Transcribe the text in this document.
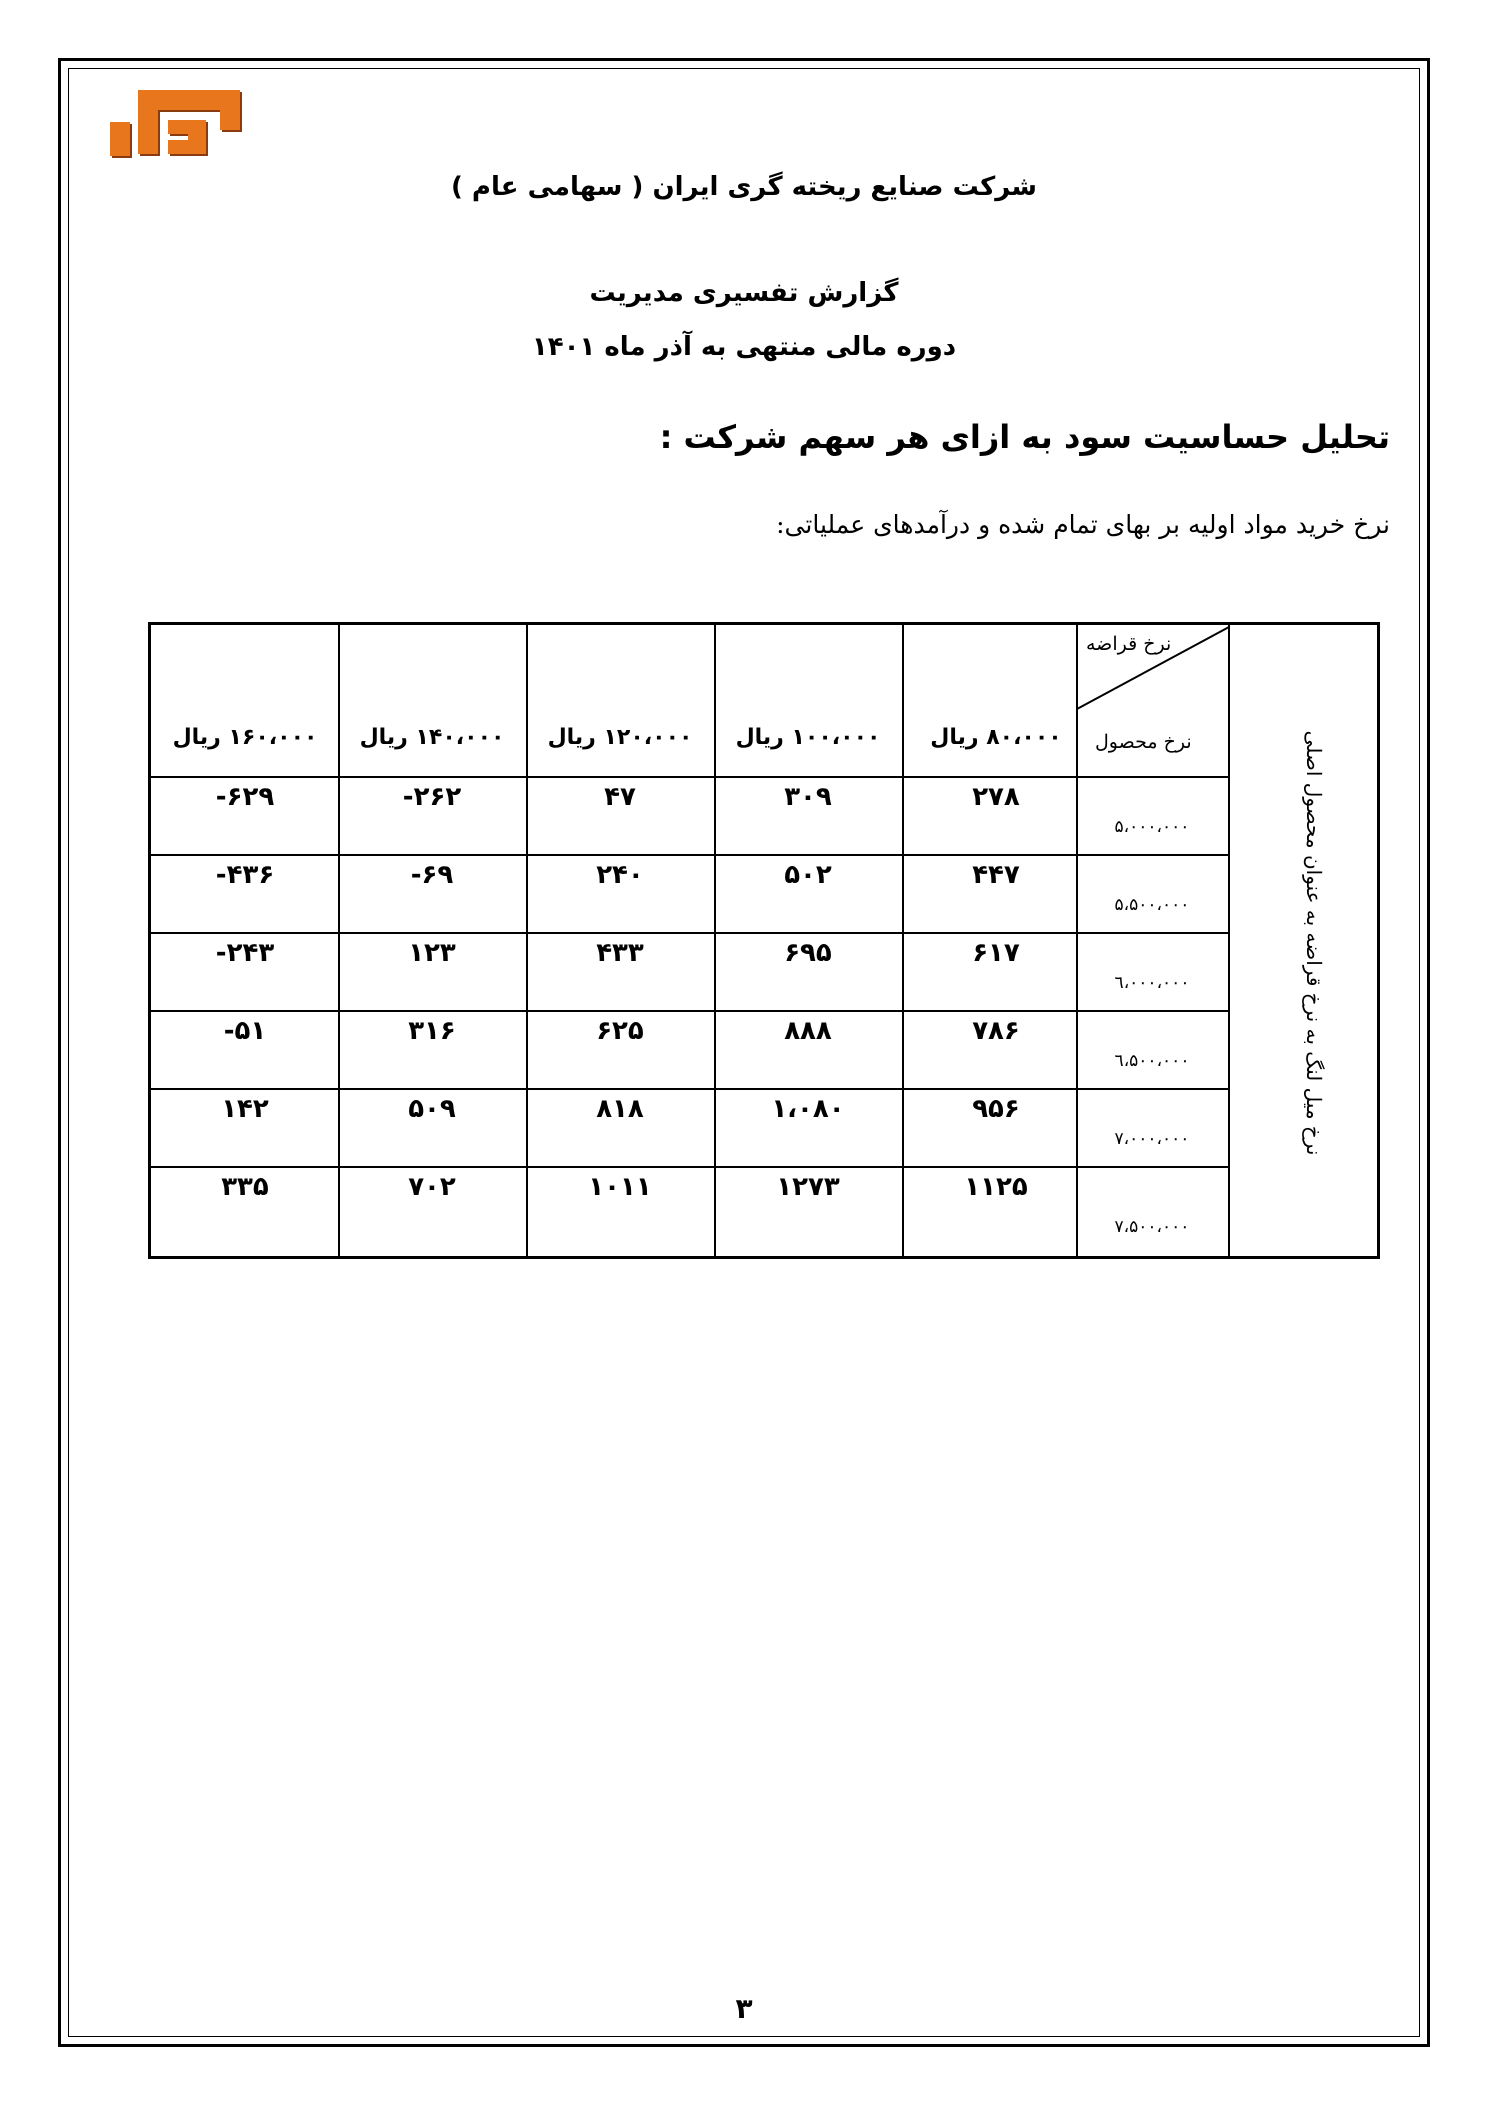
شرکت صنایع ریخته گری ایران ( سهامی عام )
گزارش تفسیری مدیریت
دوره مالی منتهی به آذر ماه ۱۴۰۱
تحلیل حساسیت سود به ازای هر سهم شرکت :
نرخ خرید مواد اولیه بر بهای تمام شده و درآمدهای عملیاتی:
نرخ قراضه
نرخ محصول
۸۰،۰۰۰ ریال
۱۰۰،۰۰۰ ریال
۱۲۰،۰۰۰ ریال
۱۴۰،۰۰۰ ریال
۱۶۰،۰۰۰ ریال
۵،۰۰۰،۰۰۰
۲۷۸
۳۰۹
۴۷
-۲۶۲
-۶۲۹
۵،۵۰۰،۰۰۰
۴۴۷
۵۰۲
۲۴۰
-۶۹
-۴۳۶
٦،۰۰۰،۰۰۰
۶۱۷
۶۹۵
۴۳۳
۱۲۳
-۲۴۳
٦،۵۰۰،۰۰۰
۷۸۶
۸۸۸
۶۲۵
۳۱۶
-۵۱
۷،۰۰۰،۰۰۰
۹۵۶
۱،۰۸۰
۸۱۸
۵۰۹
۱۴۲
۷،۵۰۰،۰۰۰
۱۱۲۵
۱۲۷۳
۱۰۱۱
۷۰۲
۳۳۵
نرخ میل لنگ به نرخ قراضه به عنوان محصول اصلی
۳
